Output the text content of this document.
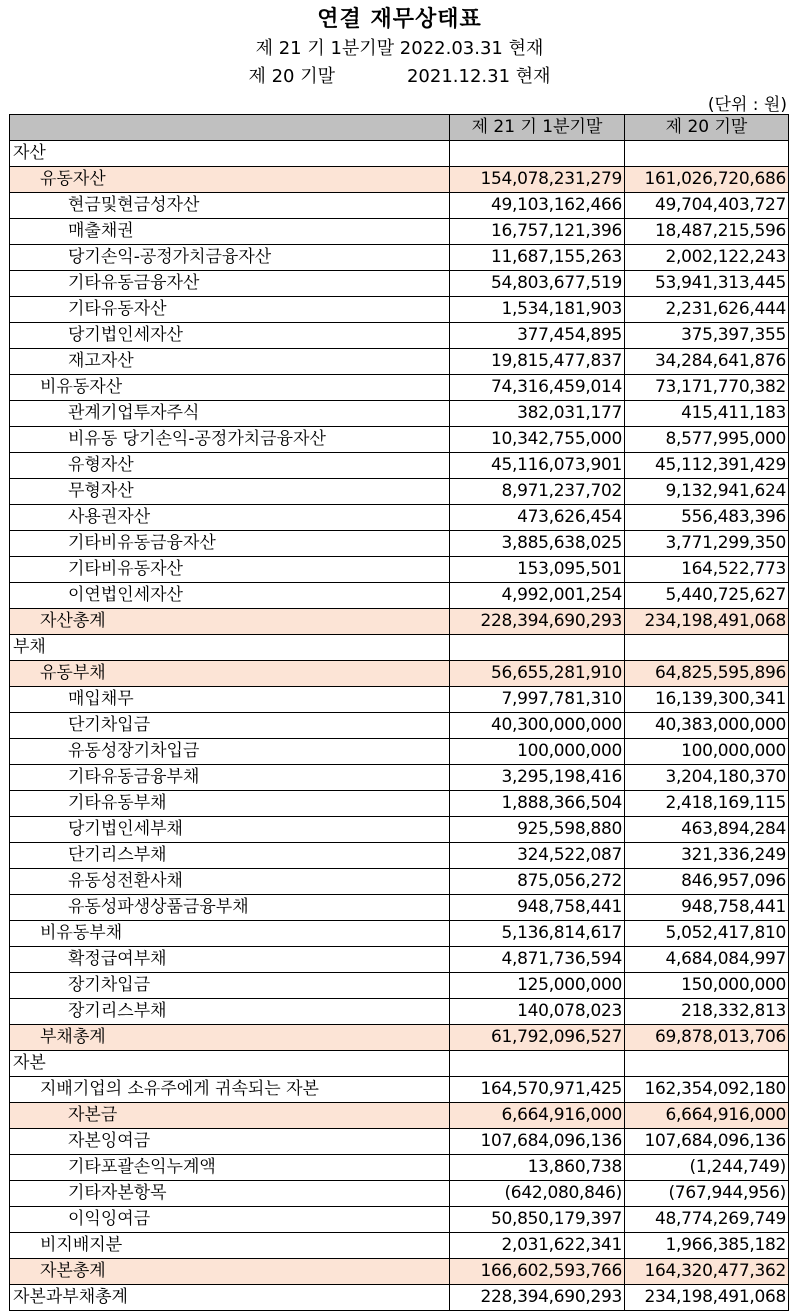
연결 재무상태표
제 21 기 1분기말 2022.03.31 현재
제 20 기말	2021.12.31 현재
(단위 : 원)
	제 21 기 1분기말	제 20 기말
자산		
유동자산	154,078,231,279	161,026,720,686
현금및현금성자산	49,103,162,466	49,704,403,727
매출채권	16,757,121,396	18,487,215,596
당기손익-공정가치금융자산	11,687,155,263	2,002,122,243
기타유동금융자산	54,803,677,519	53,941,313,445
기타유동자산	1,534,181,903	2,231,626,444
당기법인세자산	377,454,895	375,397,355
재고자산	19,815,477,837	34,284,641,876
비유동자산	74,316,459,014	73,171,770,382
관계기업투자주식	382,031,177	415,411,183
비유동 당기손익-공정가치금융자산	10,342,755,000	8,577,995,000
유형자산	45,116,073,901	45,112,391,429
무형자산	8,971,237,702	9,132,941,624
사용권자산	473,626,454	556,483,396
기타비유동금융자산	3,885,638,025	3,771,299,350
기타비유동자산	153,095,501	164,522,773
이연법인세자산	4,992,001,254	5,440,725,627
자산총계	228,394,690,293	234,198,491,068
부채		
유동부채	56,655,281,910	64,825,595,896
매입채무	7,997,781,310	16,139,300,341
단기차입금	40,300,000,000	40,383,000,000
유동성장기차입금	100,000,000	100,000,000
기타유동금융부채	3,295,198,416	3,204,180,370
기타유동부채	1,888,366,504	2,418,169,115
당기법인세부채	925,598,880	463,894,284
단기리스부채	324,522,087	321,336,249
유동성전환사채	875,056,272	846,957,096
유동성파생상품금융부채	948,758,441	948,758,441
비유동부채	5,136,814,617	5,052,417,810
확정급여부채	4,871,736,594	4,684,084,997
장기차입금	125,000,000	150,000,000
장기리스부채	140,078,023	218,332,813
부채총계	61,792,096,527	69,878,013,706
자본		
지배기업의 소유주에게 귀속되는 자본	164,570,971,425	162,354,092,180
자본금	6,664,916,000	6,664,916,000
자본잉여금	107,684,096,136	107,684,096,136
기타포괄손익누계액	13,860,738	(1,244,749)
기타자본항목	(642,080,846)	(767,944,956)
이익잉여금	50,850,179,397	48,774,269,749
비지배지분	2,031,622,341	1,966,385,182
자본총계	166,602,593,766	164,320,477,362
자본과부채총계	228,394,690,293	234,198,491,068
